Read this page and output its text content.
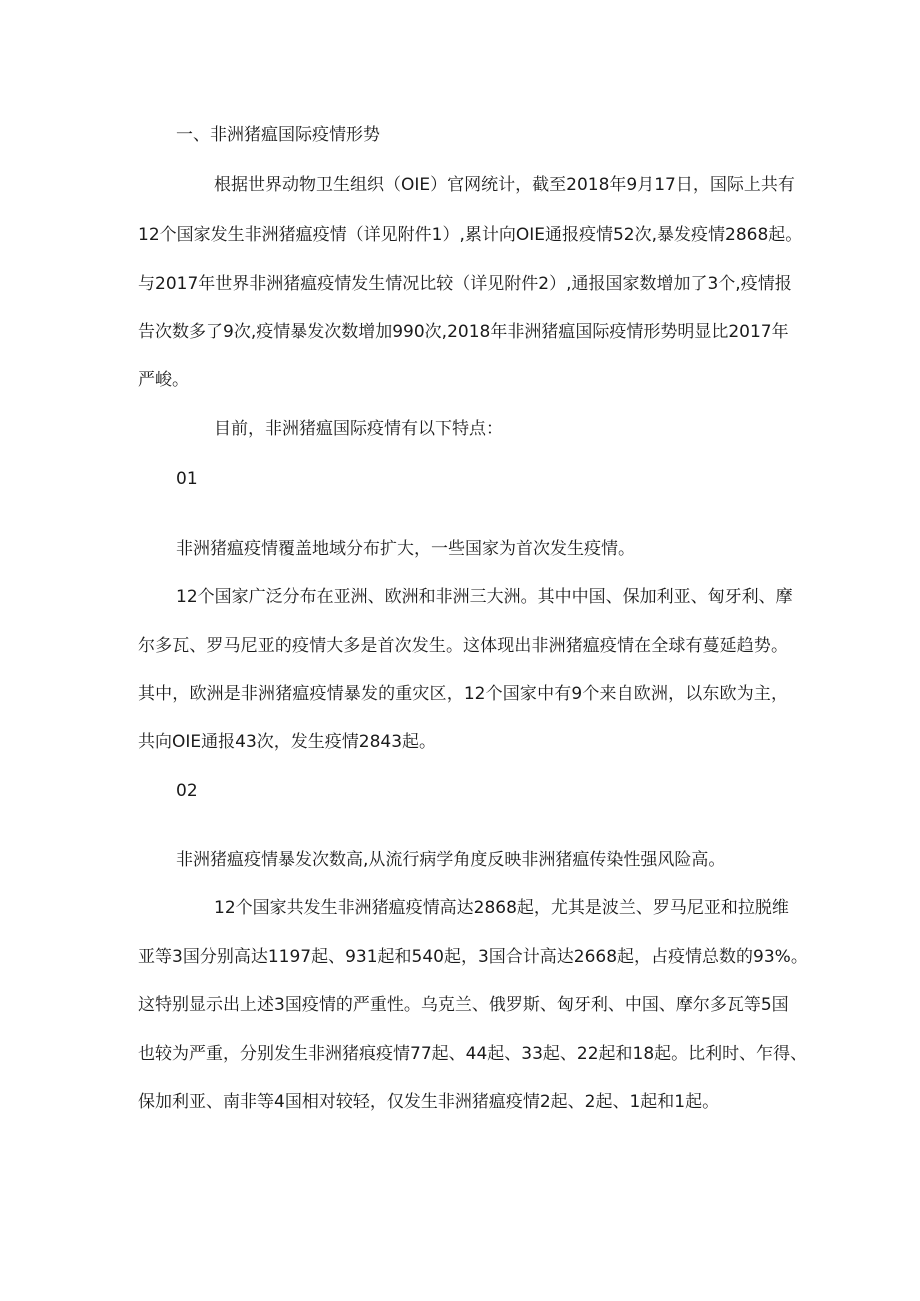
一、非洲猪瘟国际疫情形势
根据世界动物卫生组织（OIE）官网统计，截至2018年9月17日，国际上共有
12个国家发生非洲猪瘟疫情（详见附件1）,累计向OIE通报疫情52次,暴发疫情2868起。
与2017年世界非洲猪瘟疫情发生情况比较（详见附件2）,通报国家数增加了3个,疫情报
告次数多了9次,疫情暴发次数增加990次,2018年非洲猪瘟国际疫情形势明显比2017年
严峻。
目前，非洲猪瘟国际疫情有以下特点：
01
非洲猪瘟疫情覆盖地域分布扩大，一些国家为首次发生疫情。
12个国家广泛分布在亚洲、欧洲和非洲三大洲。其中中国、保加利亚、匈牙利、摩
尔多瓦、罗马尼亚的疫情大多是首次发生。这体现出非洲猪瘟疫情在全球有蔓延趋势。
其中，欧洲是非洲猪瘟疫情暴发的重灾区，12个国家中有9个来自欧洲，以东欧为主，
共向OIE通报43次，发生疫情2843起。
02
非洲猪瘟疫情暴发次数高,从流行病学角度反映非洲猪瘟传染性强风险高。
12个国家共发生非洲猪瘟疫情高达2868起，尤其是波兰、罗马尼亚和拉脱维
亚等3国分别高达1197起、931起和540起，3国合计高达2668起，占疫情总数的93%。
这特别显示出上述3国疫情的严重性。乌克兰、俄罗斯、匈牙利、中国、摩尔多瓦等5国
也较为严重，分别发生非洲猪痕疫情77起、44起、33起、22起和18起。比利时、乍得、
保加利亚、南非等4国相对较轻，仅发生非洲猪瘟疫情2起、2起、1起和1起。
